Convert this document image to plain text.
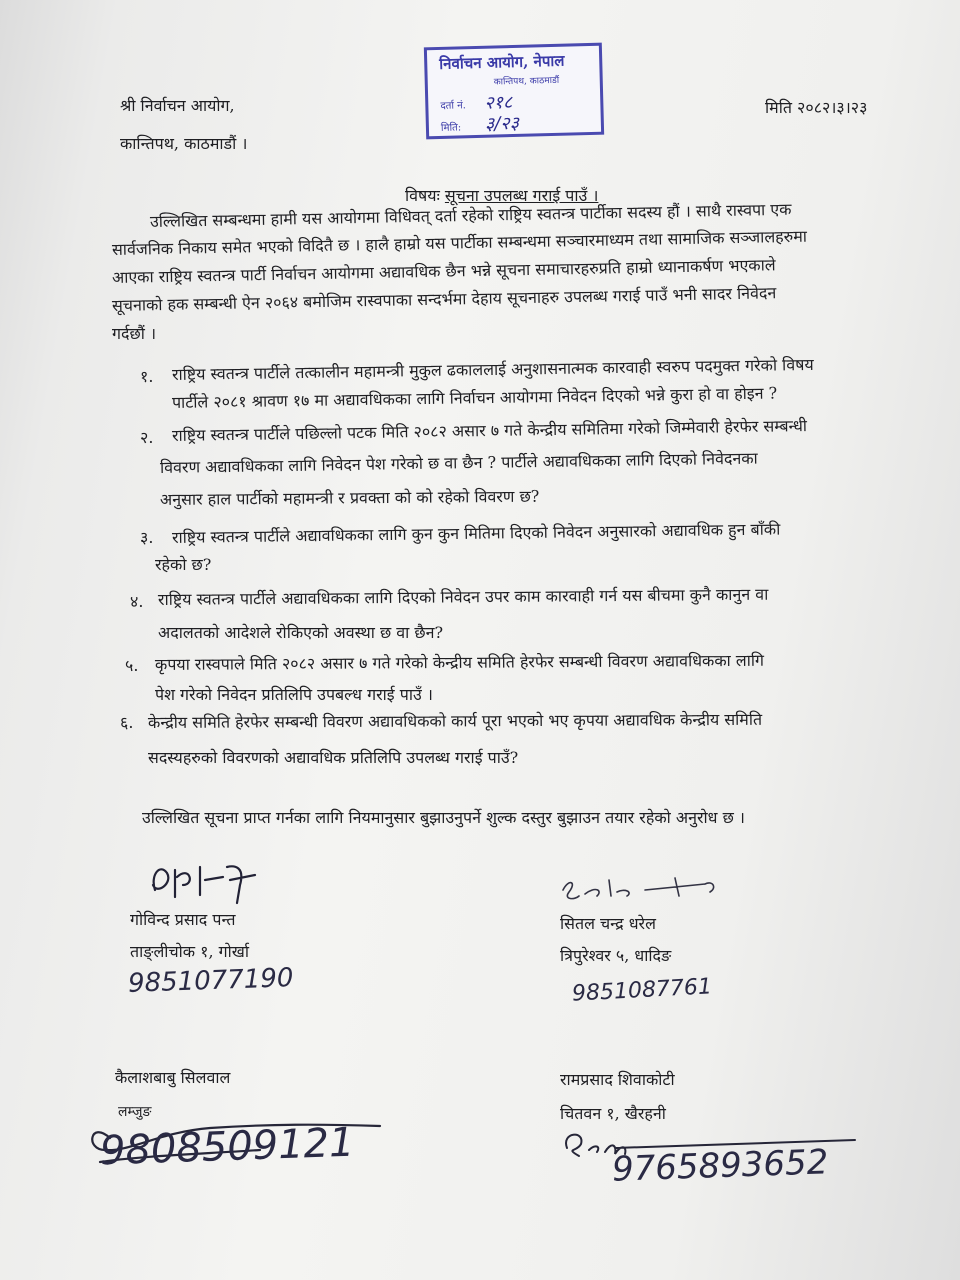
निर्वाचन आयोग, नेपाल
कान्तिपथ, काठमाडौं
दर्ता नं. २१८
मिति: ३/२३
श्री निर्वाचन आयोग,
कान्तिपथ, काठमाडौं ।
मिति २०८२।३।२३
विषयः सूचना उपलब्ध गराई पाउँ ।
उल्लिखित सम्बन्धमा हामी यस आयोगमा विधिवत् दर्ता रहेको राष्ट्रिय स्वतन्त्र पार्टीका सदस्य हौं । साथै रास्वपा एक
सार्वजनिक निकाय समेत भएको विदितै छ । हालै हाम्रो यस पार्टीका सम्बन्धमा सञ्चारमाध्यम तथा सामाजिक सञ्जालहरुमा
आएका राष्ट्रिय स्वतन्त्र पार्टी निर्वाचन आयोगमा अद्यावधिक छैन भन्ने सूचना समाचारहरुप्रति हाम्रो ध्यानाकर्षण भएकाले
सूचनाको हक सम्बन्धी ऐन २०६४ बमोजिम रास्वपाका सन्दर्भमा देहाय सूचनाहरु उपलब्ध गराई पाउँ भनी सादर निवेदन
गर्दछौं ।
१. राष्ट्रिय स्वतन्त्र पार्टीले तत्कालीन महामन्त्री मुकुल ढकाललाई अनुशासनात्मक कारवाही स्वरुप पदमुक्त गरेको विषय
पार्टीले २०८१ श्रावण १७ मा अद्यावधिकका लागि निर्वाचन आयोगमा निवेदन दिएको भन्ने कुरा हो वा होइन ?
२. राष्ट्रिय स्वतन्त्र पार्टीले पछिल्लो पटक मिति २०८२ असार ७ गते केन्द्रीय समितिमा गरेको जिम्मेवारी हेरफेर सम्बन्धी
विवरण अद्यावधिकका लागि निवेदन पेश गरेको छ वा छैन ? पार्टीले अद्यावधिकका लागि दिएको निवेदनका
अनुसार हाल पार्टीको महामन्त्री र प्रवक्ता को को रहेको विवरण छ?
३. राष्ट्रिय स्वतन्त्र पार्टीले अद्यावधिकका लागि कुन कुन मितिमा दिएको निवेदन अनुसारको अद्यावधिक हुन बाँकी
रहेको छ?
४. राष्ट्रिय स्वतन्त्र पार्टीले अद्यावधिकका लागि दिएको निवेदन उपर काम कारवाही गर्न यस बीचमा कुनै कानुन वा
अदालतको आदेशले रोकिएको अवस्था छ वा छैन?
५. कृपया रास्वपाले मिति २०८२ असार ७ गते गरेको केन्द्रीय समिति हेरफेर सम्बन्धी विवरण अद्यावधिकका लागि
पेश गरेको निवेदन प्रतिलिपि उपबल्ध गराई पाउँ ।
६. केन्द्रीय समिति हेरफेर सम्बन्धी विवरण अद्यावधिकको कार्य पूरा भएको भए कृपया अद्यावधिक केन्द्रीय समिति
सदस्यहरुको विवरणको अद्यावधिक प्रतिलिपि उपलब्ध गराई पाउँ?
उल्लिखित सूचना प्राप्त गर्नका लागि नियमानुसार बुझाउनुपर्ने शुल्क दस्तुर बुझाउन तयार रहेको अनुरोध छ ।
गोविन्द प्रसाद पन्त
ताङ्लीचोक १, गोर्खा
9851077190
सितल चन्द्र धरेल
त्रिपुरेश्वर ५, धादिङ
9851087761
कैलाशबाबु सिलवाल
लम्जुङ
9808509121
रामप्रसाद शिवाकोटी
चितवन १, खैरहनी
9765893652
